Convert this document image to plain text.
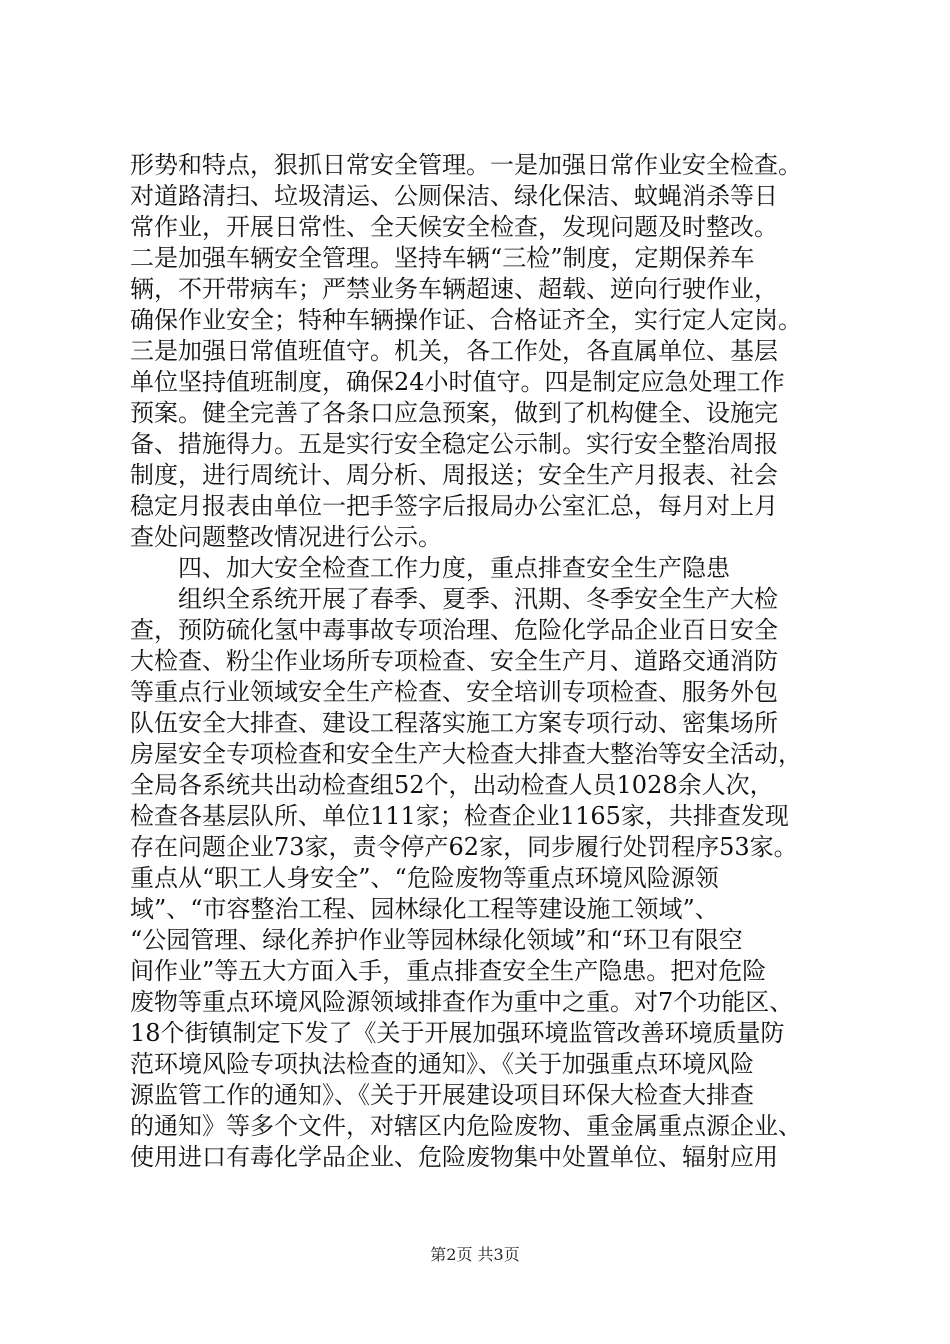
形势和特点，狠抓日常安全管理。一是加强日常作业安全检查。
对道路清扫、垃圾清运、公厕保洁、绿化保洁、蚊蝇消杀等日
常作业，开展日常性、全天候安全检查，发现问题及时整改。
二是加强车辆安全管理。坚持车辆“三检”制度，定期保养车
辆，不开带病车；严禁业务车辆超速、超载、逆向行驶作业，
确保作业安全；特种车辆操作证、合格证齐全，实行定人定岗。
三是加强日常值班值守。机关，各工作处，各直属单位、基层
单位坚持值班制度，确保24小时值守。四是制定应急处理工作
预案。健全完善了各条口应急预案，做到了机构健全、设施完
备、措施得力。五是实行安全稳定公示制。实行安全整治周报
制度，进行周统计、周分析、周报送；安全生产月报表、社会
稳定月报表由单位一把手签字后报局办公室汇总，每月对上月
查处问题整改情况进行公示。
　　四、加大安全检查工作力度，重点排查安全生产隐患
　　组织全系统开展了春季、夏季、汛期、冬季安全生产大检
查，预防硫化氢中毒事故专项治理、危险化学品企业百日安全
大检查、粉尘作业场所专项检查、安全生产月、道路交通消防
等重点行业领域安全生产检查、安全培训专项检查、服务外包
队伍安全大排查、建设工程落实施工方案专项行动、密集场所
房屋安全专项检查和安全生产大检查大排查大整治等安全活动，
全局各系统共出动检查组52个，出动检查人员1028余人次，
检查各基层队所、单位111家；检查企业1165家，共排查发现
存在问题企业73家，责令停产62家，同步履行处罚程序53家。
重点从“职工人身安全”、“危险废物等重点环境风险源领
域”、“市容整治工程、园林绿化工程等建设施工领域”、
“公园管理、绿化养护作业等园林绿化领域”和“环卫有限空
间作业”等五大方面入手，重点排查安全生产隐患。把对危险
废物等重点环境风险源领域排查作为重中之重。对7个功能区、
18个街镇制定下发了《关于开展加强环境监管改善环境质量防
范环境风险专项执法检查的通知》、《关于加强重点环境风险
源监管工作的通知》、《关于开展建设项目环保大检查大排查
的通知》等多个文件，对辖区内危险废物、重金属重点源企业、
使用进口有毒化学品企业、危险废物集中处置单位、辐射应用
第2页 共3页
